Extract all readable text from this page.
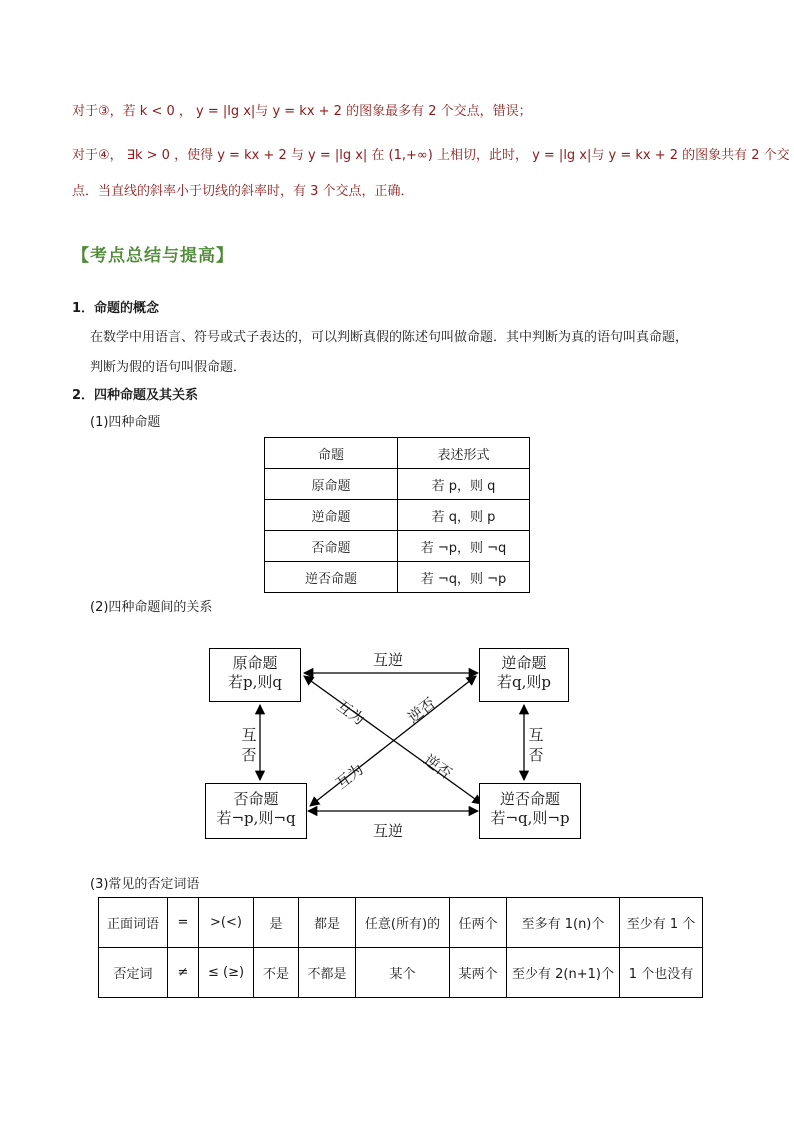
对于③，若 k < 0 ， y = |lg x|与 y = kx + 2 的图象最多有 2 个交点，错误；
对于④， ∃k > 0 ，使得 y = kx + 2 与 y = |lg x| 在 (1,+∞) 上相切，此时， y = |lg x|与 y = kx + 2 的图象共有 2 个交
点．当直线的斜率小于切线的斜率时，有 3 个交点，正确．
【考点总结与提高】
1．命题的概念
在数学中用语言、符号或式子表达的，可以判断真假的陈述句叫做命题．其中判断为真的语句叫真命题，
判断为假的语句叫假命题．
2．四种命题及其关系
(1)四种命题
命题	表述形式
原命题	若 p，则 q
逆命题	若 q，则 p
否命题	若 ¬p，则 ¬q
逆否命题	若 ¬q，则 ¬p
(2)四种命题间的关系
原命题
若p,则q
逆命题
若q,则p
否命题
若¬p,则¬q
逆否命题
若¬q,则¬p
互逆
互逆
互
否
互
否
互为 逆否
互为	逆否
(3)常见的否定词语
正面词语	=	>(<)	是	都是	任意(所有)的	任两个	至多有 1(n)个	至少有 1 个
否定词	≠	≤ (≥)	不是	不都是	某个	某两个	至少有 2(n+1)个	1 个也没有
